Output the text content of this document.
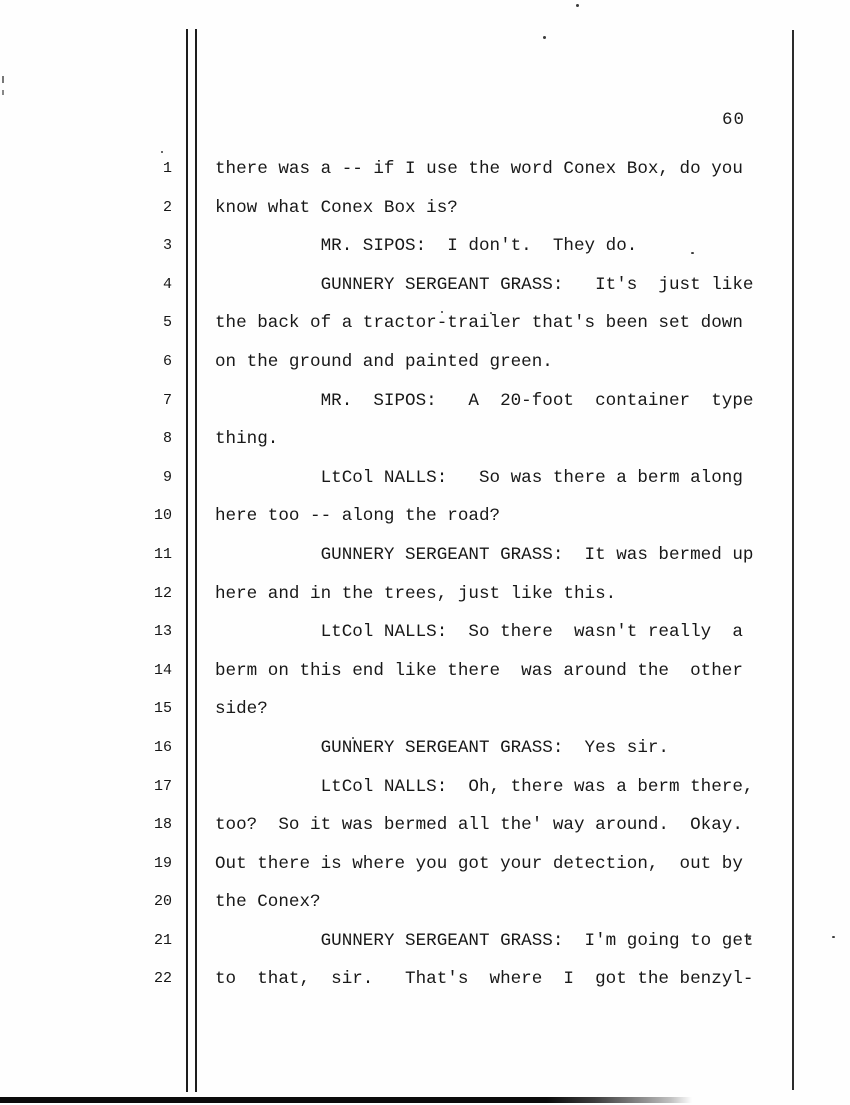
60
1	there was a -- if I use the word Conex Box, do you
2	know what Conex Box is?
3	MR. SIPOS:  I don't.  They do.
4	GUNNERY SERGEANT GRASS:   It's  just like
5	the back of a tractor-trailer that's been set down
6	on the ground and painted green.
7	MR.  SIPOS:   A  20-foot  container  type
8	thing.
9	LtCol NALLS:   So was there a berm along
10	here too -- along the road?
11	GUNNERY SERGEANT GRASS:  It was bermed up
12	here and in the trees, just like this.
13	LtCol NALLS:  So there  wasn't really  a
14	berm on this end like there  was around the  other
15	side?
16	GUNNERY SERGEANT GRASS:  Yes sir.
17	LtCol NALLS:  Oh, there was a berm there,
18	too?  So it was bermed all the' way around.  Okay.
19	Out there is where you got your detection,  out by
20	the Conex?
21	GUNNERY SERGEANT GRASS:  I'm going to get
22	to  that,  sir.   That's  where  I  got the benzyl-
